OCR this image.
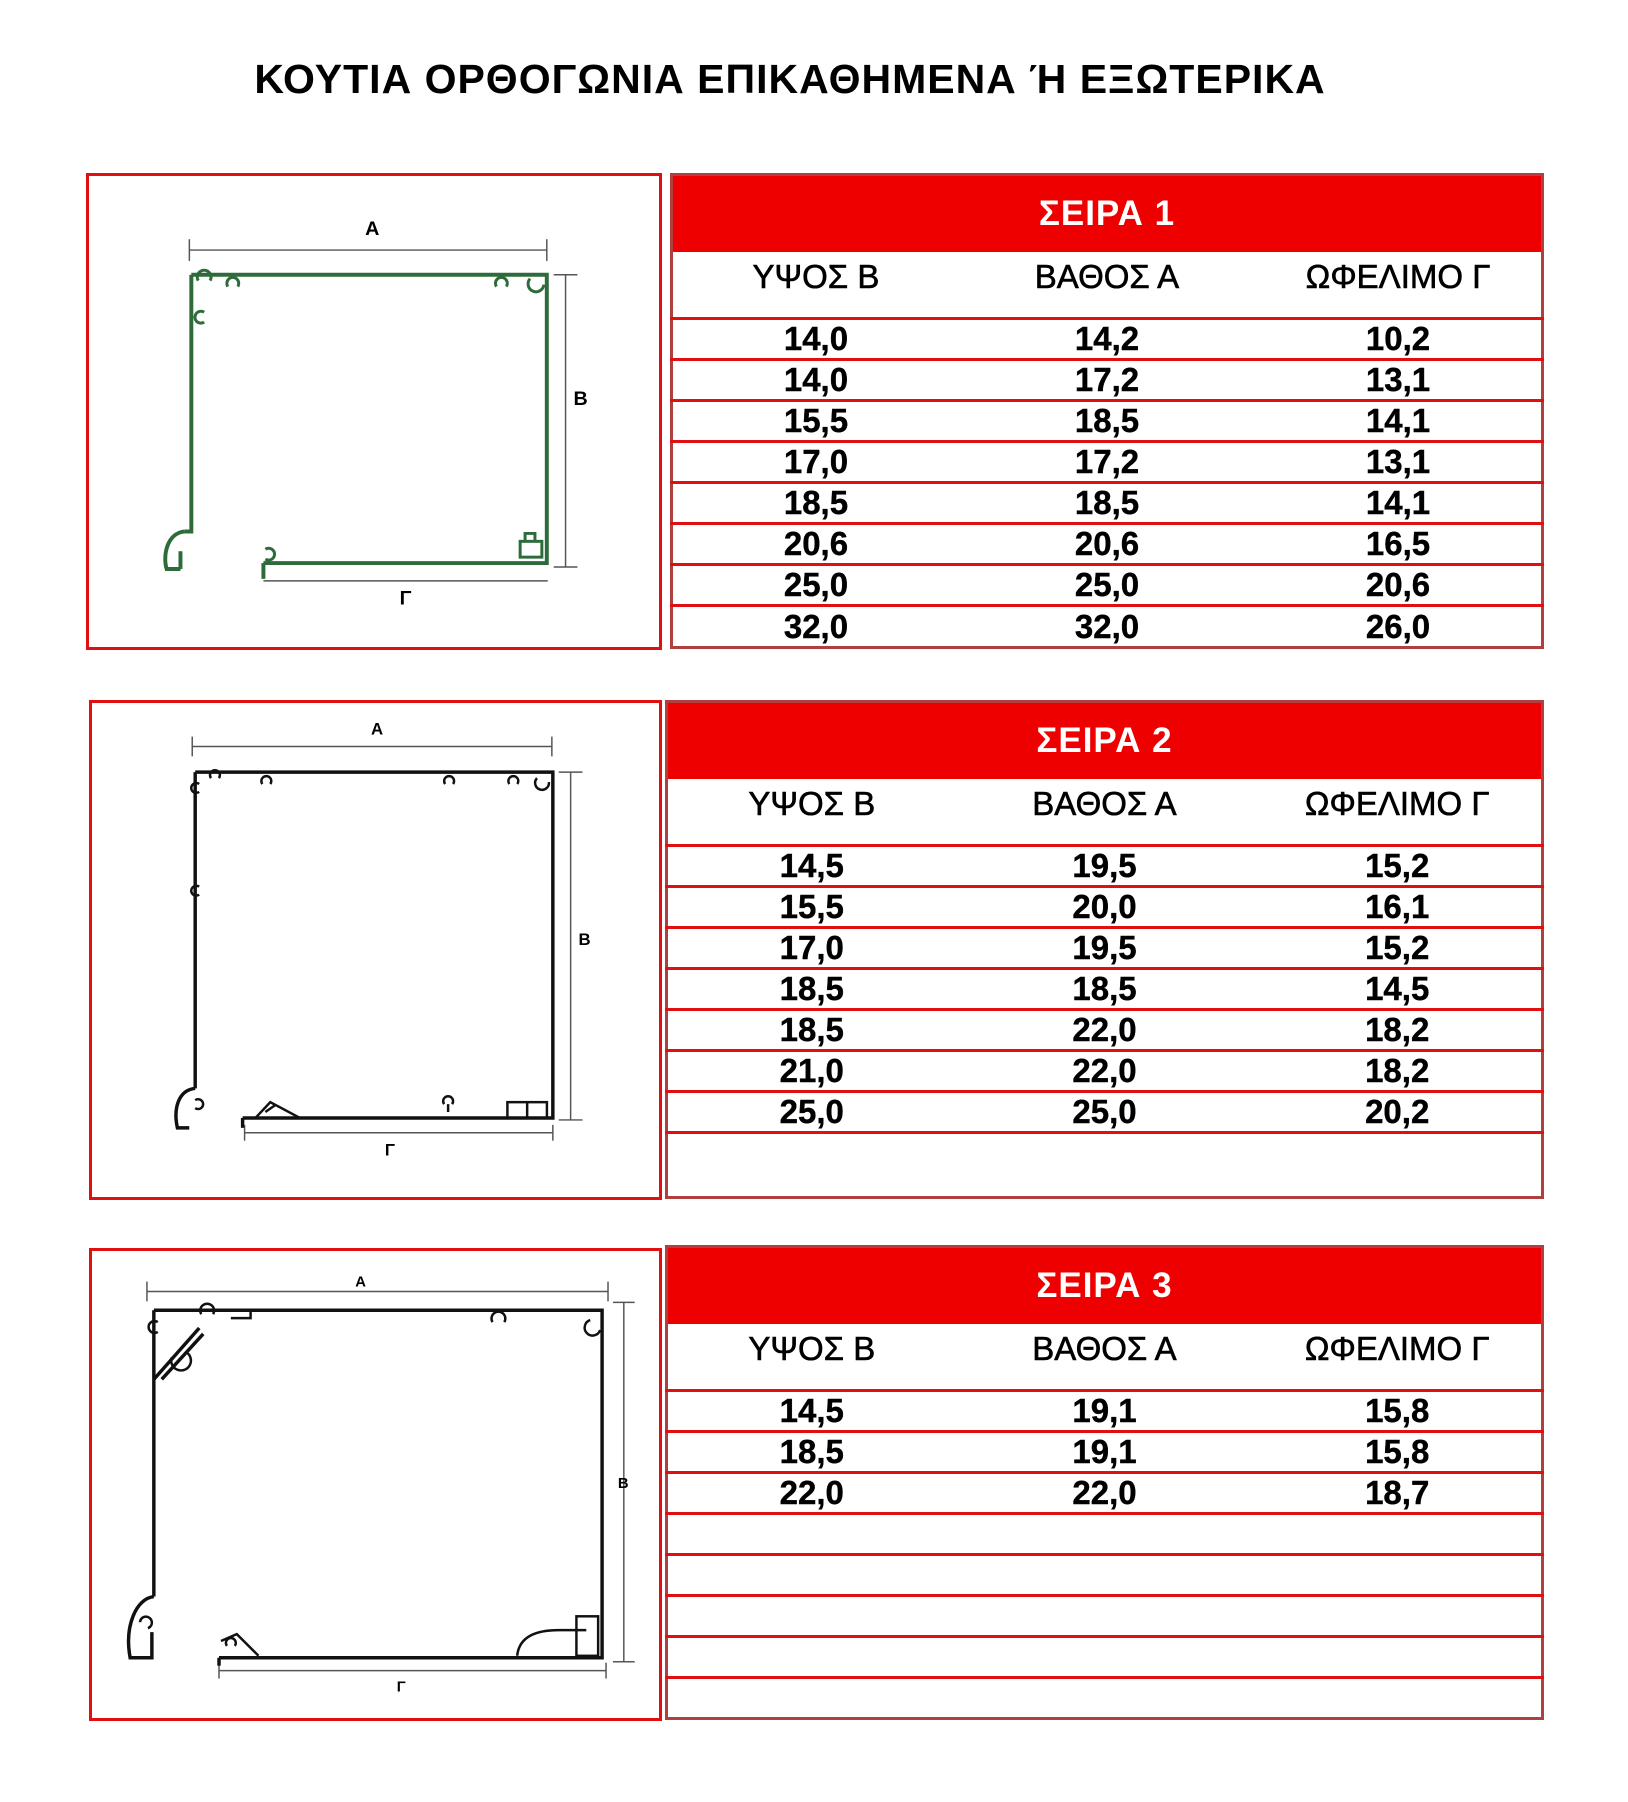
ΚΟΥΤΙΑ ΟΡΘΟΓΩΝΙΑ ΕΠΙΚΑΘΗΜΕΝΑ Ή ΕΞΩΤΕΡΙΚΑ
Α
Β
Γ
ΣΕΙΡΑ 1		
ΥΨΟΣ Β	ΒΑΘΟΣ Α	ΩΦΕΛΙΜΟ Γ
14,0	14,2	10,2
14,0	17,2	13,1
15,5	18,5	14,1
17,0	17,2	13,1
18,5	18,5	14,1
20,6	20,6	16,5
25,0	25,0	20,6
32,0	32,0	26,0
Α
Β
Γ
ΣΕΙΡΑ 2		
ΥΨΟΣ Β	ΒΑΘΟΣ Α	ΩΦΕΛΙΜΟ Γ
14,5	19,5	15,2
15,5	20,0	16,1
17,0	19,5	15,2
18,5	18,5	14,5
18,5	22,0	18,2
21,0	22,0	18,2
25,0	25,0	20,2

Α
Β
Γ
ΣΕΙΡΑ 3		
ΥΨΟΣ Β	ΒΑΘΟΣ Α	ΩΦΕΛΙΜΟ Γ
14,5	19,1	15,8
18,5	19,1	15,8
22,0	22,0	18,7
